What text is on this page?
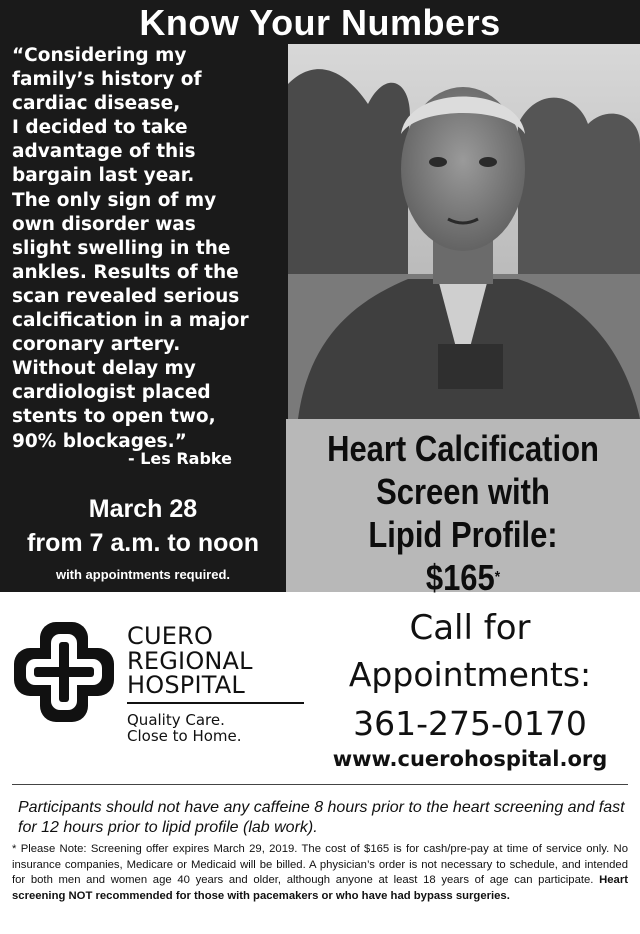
Know Your Numbers
“Considering my
family’s history of
cardiac disease,
I decided to take
advantage of this
bargain last year.
The only sign of my
own disorder was
slight swelling in the
ankles. Results of the
scan revealed serious
calcification in a major
coronary artery.
Without delay my
cardiologist placed
stents to open two,
90% blockages.”
- Les Rabke
March 28
from 7 a.m. to noon
with appointments required.
Heart Calcification
Screen with
Lipid Profile:
$165*
CUERO
REGIONAL
HOSPITAL
Quality Care.
Close to Home.
Call for
Appointments:
361-275-0170
www.cuerohospital.org
Participants should not have any caffeine 8 hours prior to the heart screening and fast for 12 hours prior to lipid profile (lab work).
* Please Note: Screening offer expires March 29, 2019. The cost of $165 is for cash/pre-pay at time of service only. No insurance companies, Medicare or Medicaid will be billed. A physician’s order is not necessary to schedule, and intended for both men and women age 40 years and older, although anyone at least 18 years of age can participate. Heart screening NOT recommended for those with pacemakers or who have had bypass surgeries.
